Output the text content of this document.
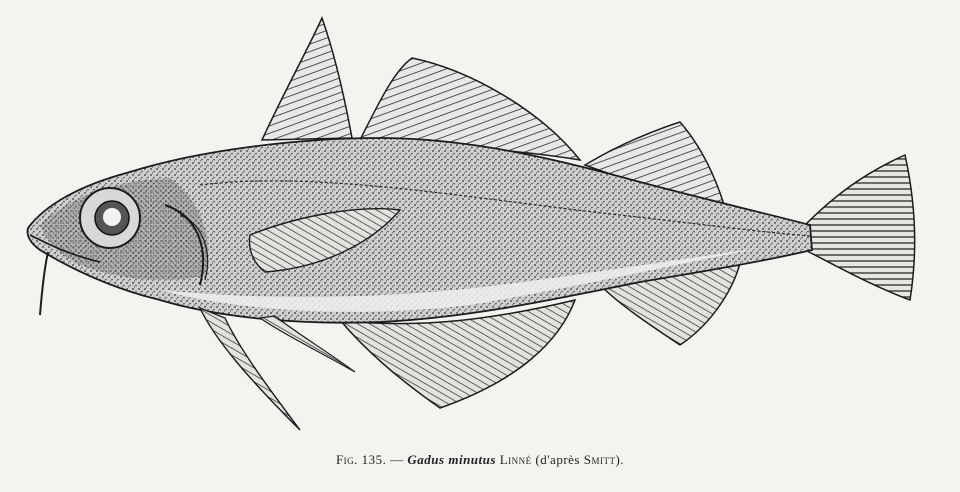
Fig. 135. — Gadus minutus Linné (d'après Smitt).
